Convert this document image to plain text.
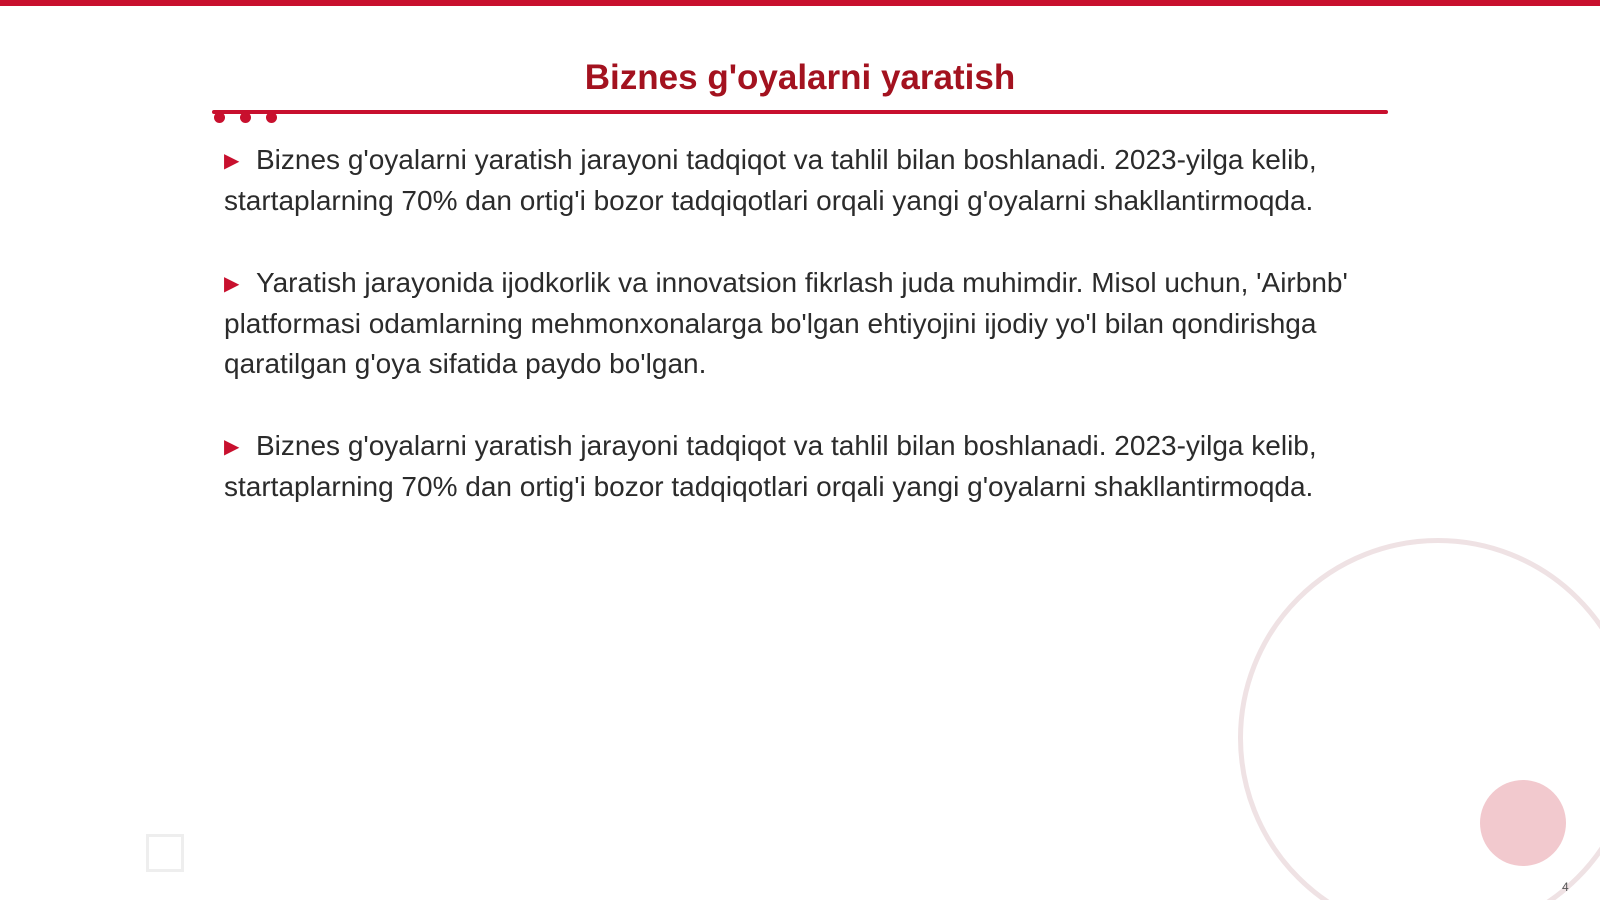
Biznes g'oyalarni yaratish

▶ Biznes g'oyalarni yaratish jarayoni tadqiqot va tahlil bilan boshlanadi. 2023-yilga kelib, startaplarning 70% dan ortig'i bozor tadqiqotlari orqali yangi g'oyalarni shakllantirmoqda.

▶ Yaratish jarayonida ijodkorlik va innovatsion fikrlash juda muhimdir. Misol uchun, 'Airbnb' platformasi odamlarning mehmonxonalarga bo'lgan ehtiyojini ijodiy yo'l bilan qondirishga qaratilgan g'oya sifatida paydo bo'lgan.

▶ Biznes g'oyalarni yaratish jarayoni tadqiqot va tahlil bilan boshlanadi. 2023-yilga kelib, startaplarning 70% dan ortig'i bozor tadqiqotlari orqali yangi g'oyalarni shakllantirmoqda.

4
